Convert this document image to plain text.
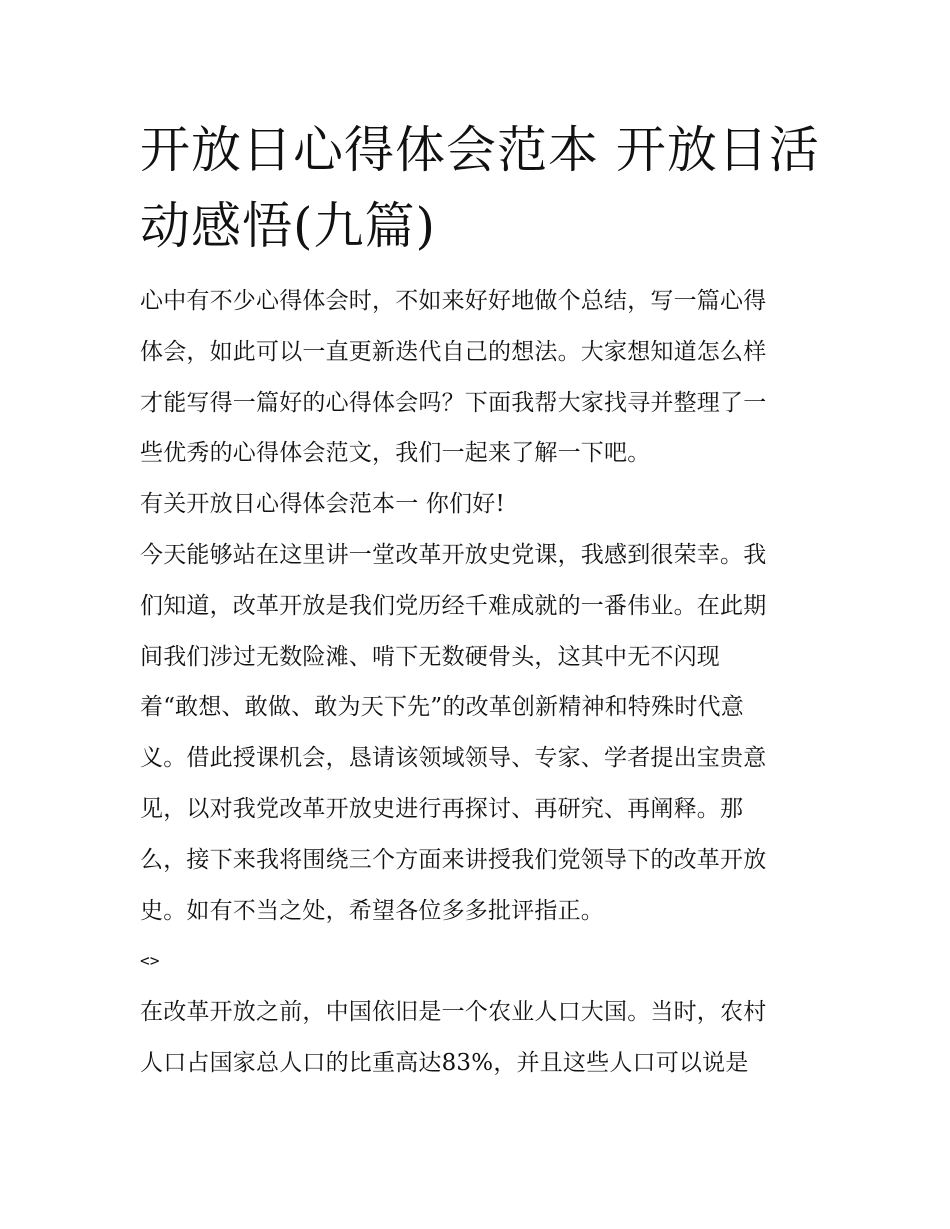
开放日心得体会范本 开放日活
动感悟(九篇)
心中有不少心得体会时，不如来好好地做个总结，写一篇心得
体会，如此可以一直更新迭代自己的想法。大家想知道怎么样
才能写得一篇好的心得体会吗？下面我帮大家找寻并整理了一
些优秀的心得体会范文，我们一起来了解一下吧。
有关开放日心得体会范本一 你们好!
今天能够站在这里讲一堂改革开放史党课，我感到很荣幸。我
们知道，改革开放是我们党历经千难成就的一番伟业。在此期
间我们涉过无数险滩、啃下无数硬骨头，这其中无不闪现
着“敢想、敢做、敢为天下先”的改革创新精神和特殊时代意
义。借此授课机会，恳请该领域领导、专家、学者提出宝贵意
见，以对我党改革开放史进行再探讨、再研究、再阐释。那
么，接下来我将围绕三个方面来讲授我们党领导下的改革开放
史。如有不当之处，希望各位多多批评指正。
<>
在改革开放之前，中国依旧是一个农业人口大国。当时，农村
人口占国家总人口的比重高达83%，并且这些人口可以说是
